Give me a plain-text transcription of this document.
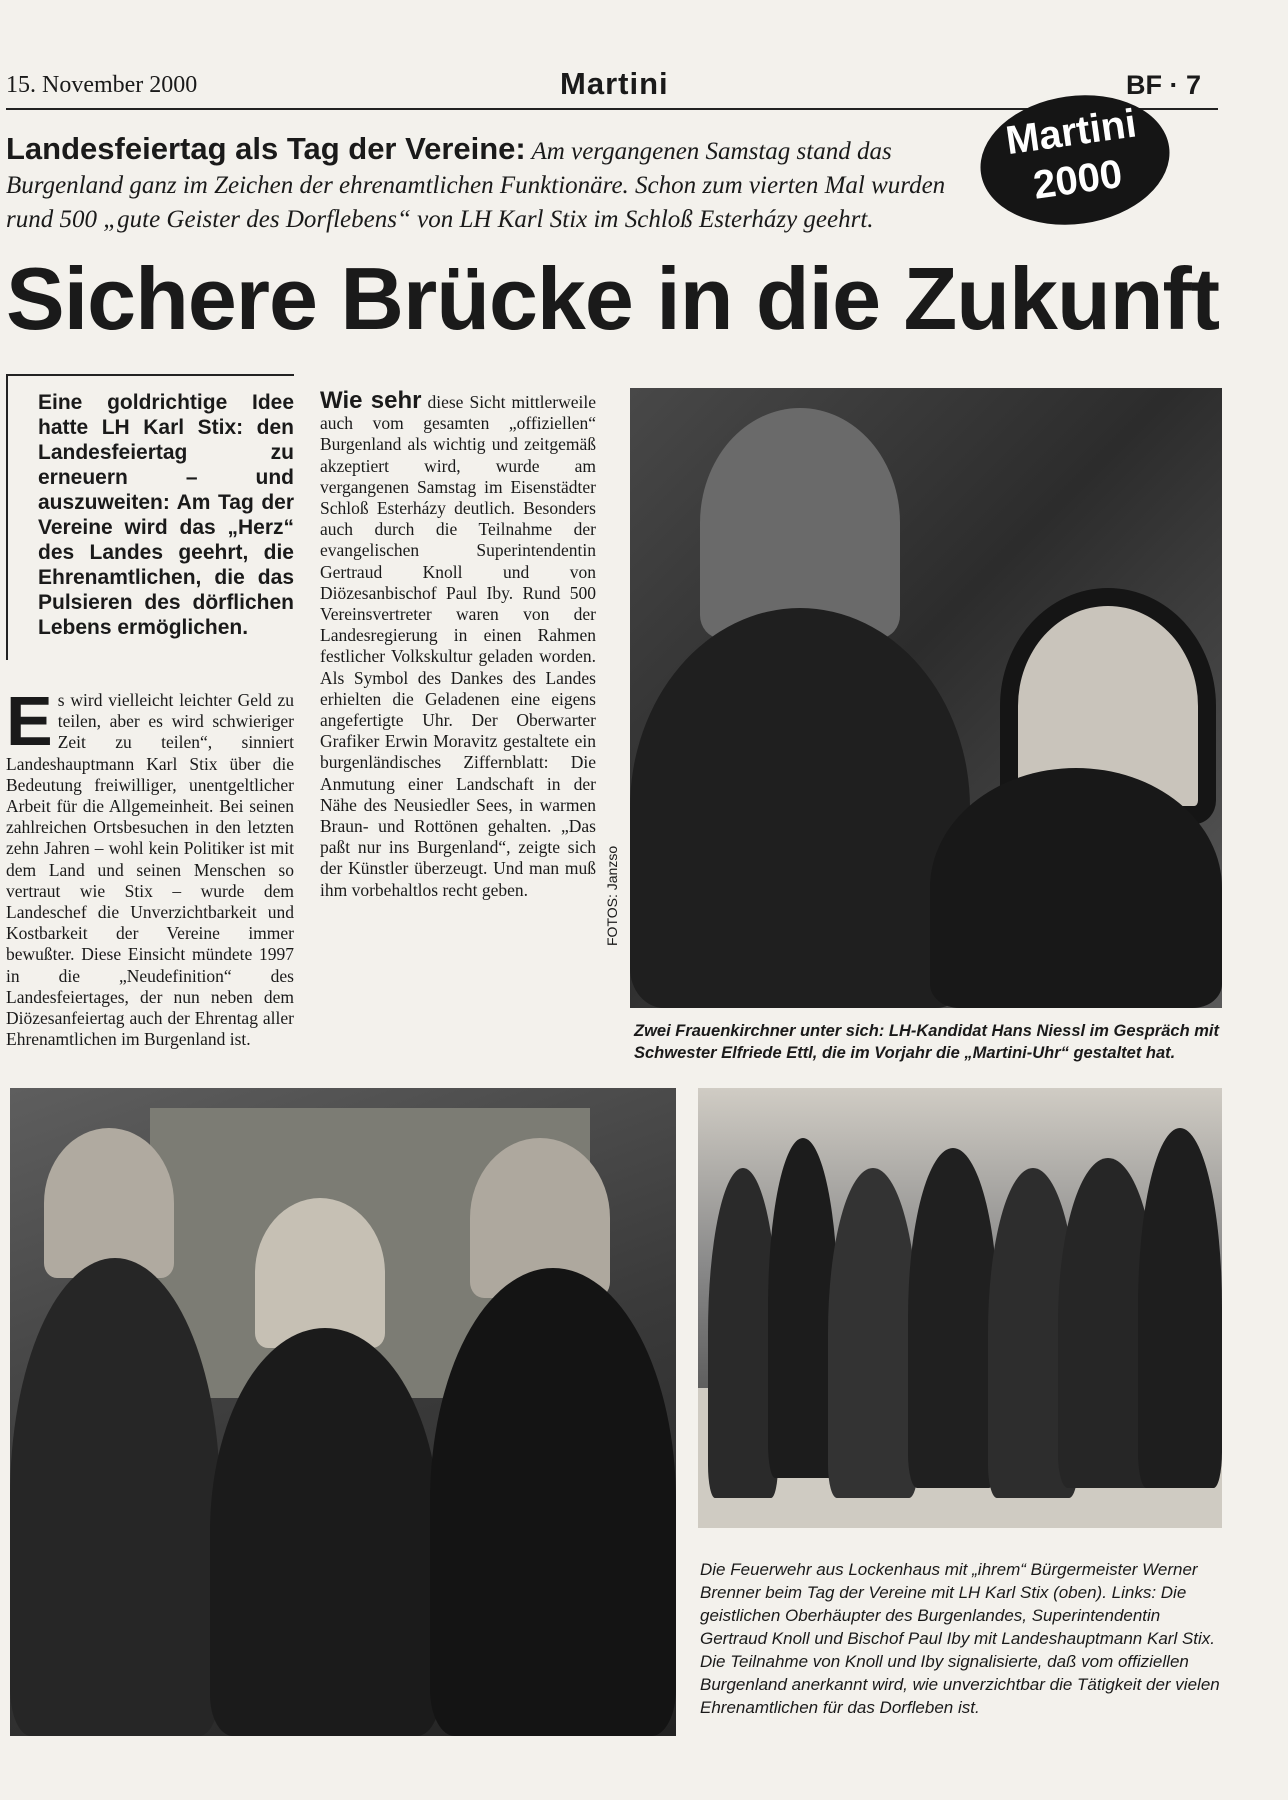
15. November 2000	Martini	BF · 7
Martini
2000
Landesfeiertag als Tag der Vereine: Am vergangenen Samstag stand das Burgenland ganz im Zeichen der ehrenamtlichen Funktionäre. Schon zum vierten Mal wurden rund 500 „gute Geister des Dorflebens“ von LH Karl Stix im Schloß Esterházy geehrt.
Sichere Brücke in die Zukunft
Eine goldrichtige Idee hatte LH Karl Stix: den Landesfeiertag zu erneuern – und auszuweiten: Am Tag der Vereine wird das „Herz“ des Landes geehrt, die Ehrenamtlichen, die das Pulsieren des dörflichen Lebens ermöglichen.
Es wird vielleicht leichter Geld zu teilen, aber es wird schwieriger Zeit zu teilen“, sinniert Landeshauptmann Karl Stix über die Bedeutung freiwilliger, unentgeltlicher Arbeit für die Allgemeinheit. Bei seinen zahlreichen Ortsbesuchen in den letzten zehn Jahren – wohl kein Politiker ist mit dem Land und seinen Menschen so vertraut wie Stix – wurde dem Landeschef die Unverzichtbarkeit und Kostbarkeit der Vereine immer bewußter. Diese Einsicht mündete 1997 in die „Neudefinition“ des Landesfeiertages, der nun neben dem Diözesanfeiertag auch der Ehrentag aller Ehrenamtlichen im Burgenland ist.
Wie sehr diese Sicht mittlerweile auch vom gesamten „offiziellen“ Burgenland als wichtig und zeitgemäß akzeptiert wird, wurde am vergangenen Samstag im Eisenstädter Schloß Esterházy deutlich. Besonders auch durch die Teilnahme der evangelischen Superintendentin Gertraud Knoll und von Diözesanbischof Paul Iby. Rund 500 Vereinsvertreter waren von der Landesregierung in einen Rahmen festlicher Volkskultur geladen worden. Als Symbol des Dankes des Landes erhielten die Geladenen eine eigens angefertigte Uhr. Der Oberwarter Grafiker Erwin Moravitz gestaltete ein burgenländisches Ziffernblatt: Die Anmutung einer Landschaft in der Nähe des Neusiedler Sees, in warmen Braun- und Rottönen gehalten. „Das paßt nur ins Burgenland“, zeigte sich der Künstler überzeugt. Und man muß ihm vorbehaltlos recht geben.	FOTOS: Janzso
Zwei Frauenkirchner unter sich: LH-Kandidat Hans Niessl im Gespräch mit Schwester Elfriede Ettl, die im Vorjahr die „Martini-Uhr“ gestaltet hat.
Die Feuerwehr aus Lockenhaus mit „ihrem“ Bürgermeister Werner Brenner beim Tag der Vereine mit LH Karl Stix (oben). Links: Die geistlichen Oberhäupter des Burgenlandes, Superintendentin Gertraud Knoll und Bischof Paul Iby mit Landeshauptmann Karl Stix. Die Teilnahme von Knoll und Iby signalisierte, daß vom offiziellen Burgenland anerkannt wird, wie unverzichtbar die Tätigkeit der vielen Ehrenamtlichen für das Dorfleben ist.
